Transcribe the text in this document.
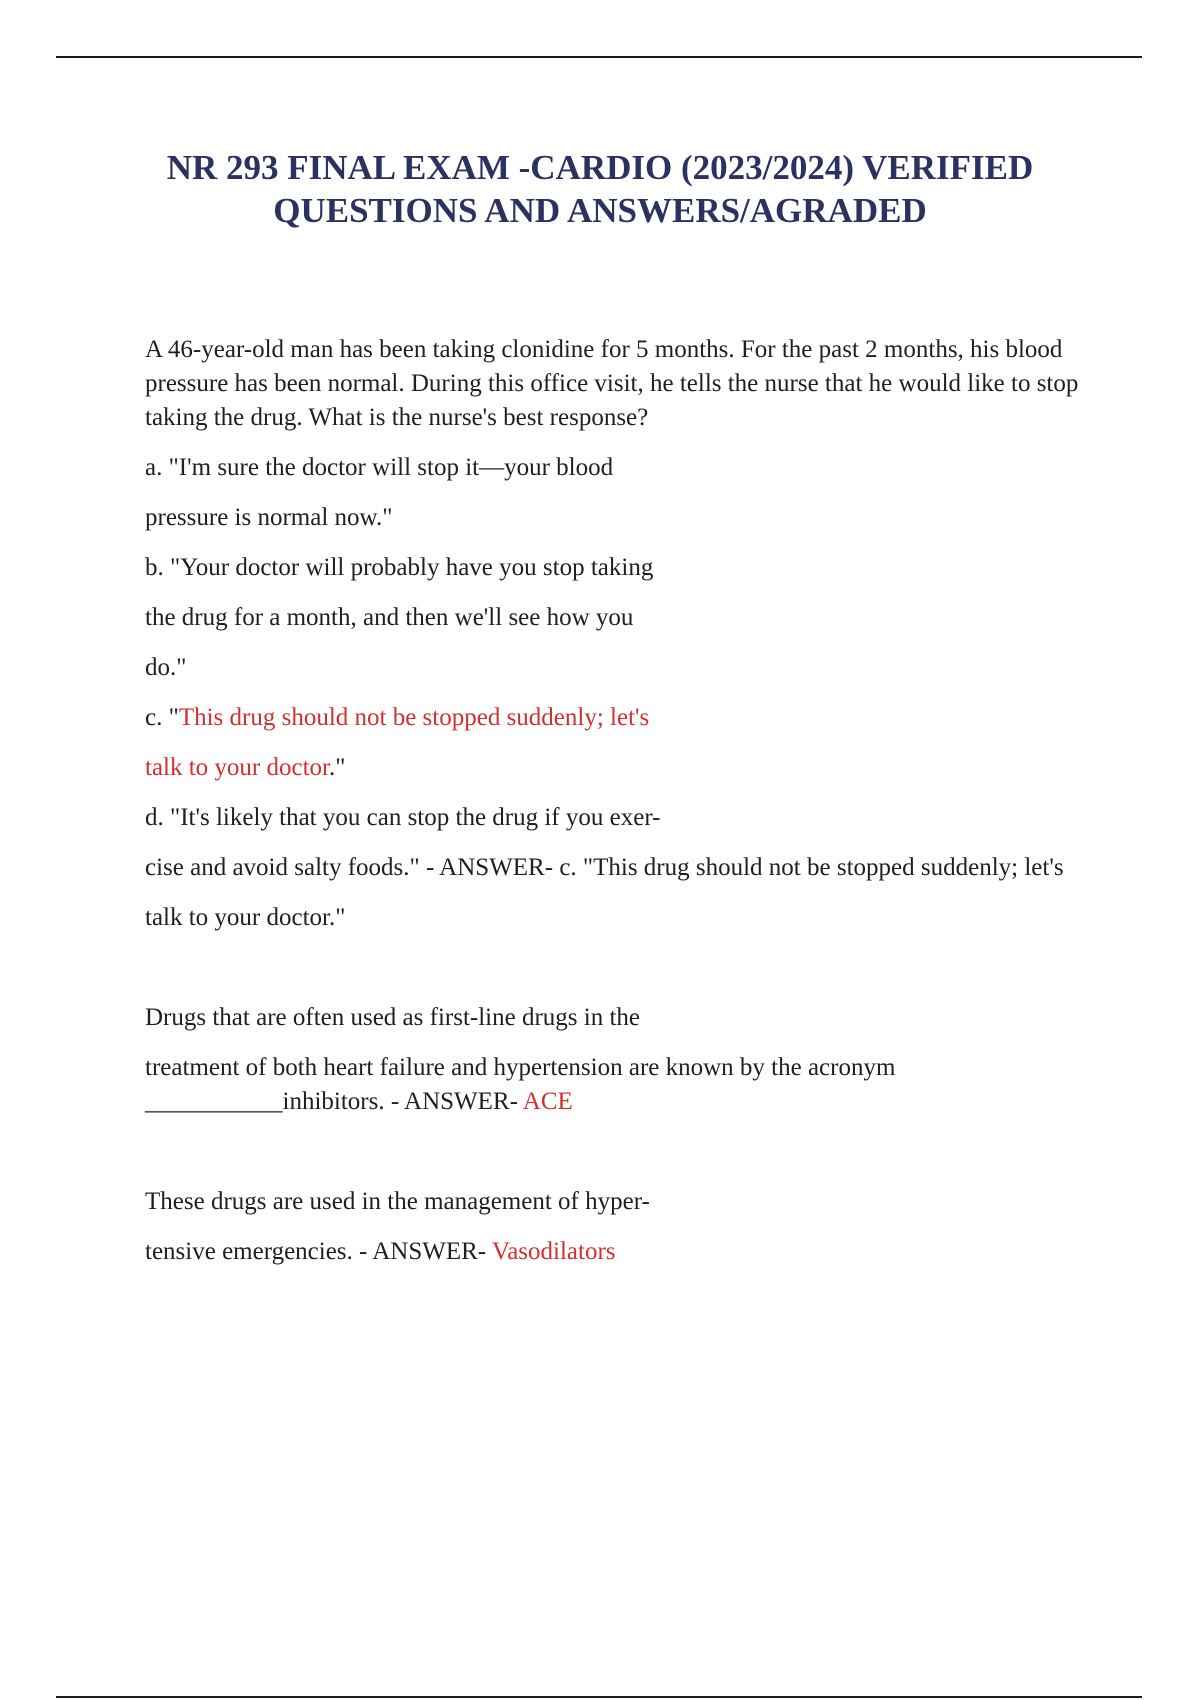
NR 293 FINAL EXAM -CARDIO (2023/2024) VERIFIED
QUESTIONS AND ANSWERS/AGRADED

A 46-year-old man has been taking clonidine for 5 months. For the past 2 months, his blood pressure has been normal. During this office visit, he tells the nurse that he would like to stop taking the drug. What is the nurse's best response?

a. "I'm sure the doctor will stop it—your blood

pressure is normal now."

b. "Your doctor will probably have you stop taking

the drug for a month, and then we'll see how you

do."

c. "This drug should not be stopped suddenly; let's

talk to your doctor."

d. "It's likely that you can stop the drug if you exer-

cise and avoid salty foods." - ANSWER- c. "This drug should not be stopped suddenly; let's

talk to your doctor."

Drugs that are often used as first-line drugs in the

treatment of both heart failure and hypertension are known by the acronym ___________inhibitors. - ANSWER- ACE

These drugs are used in the management of hyper-

tensive emergencies. - ANSWER- Vasodilators
